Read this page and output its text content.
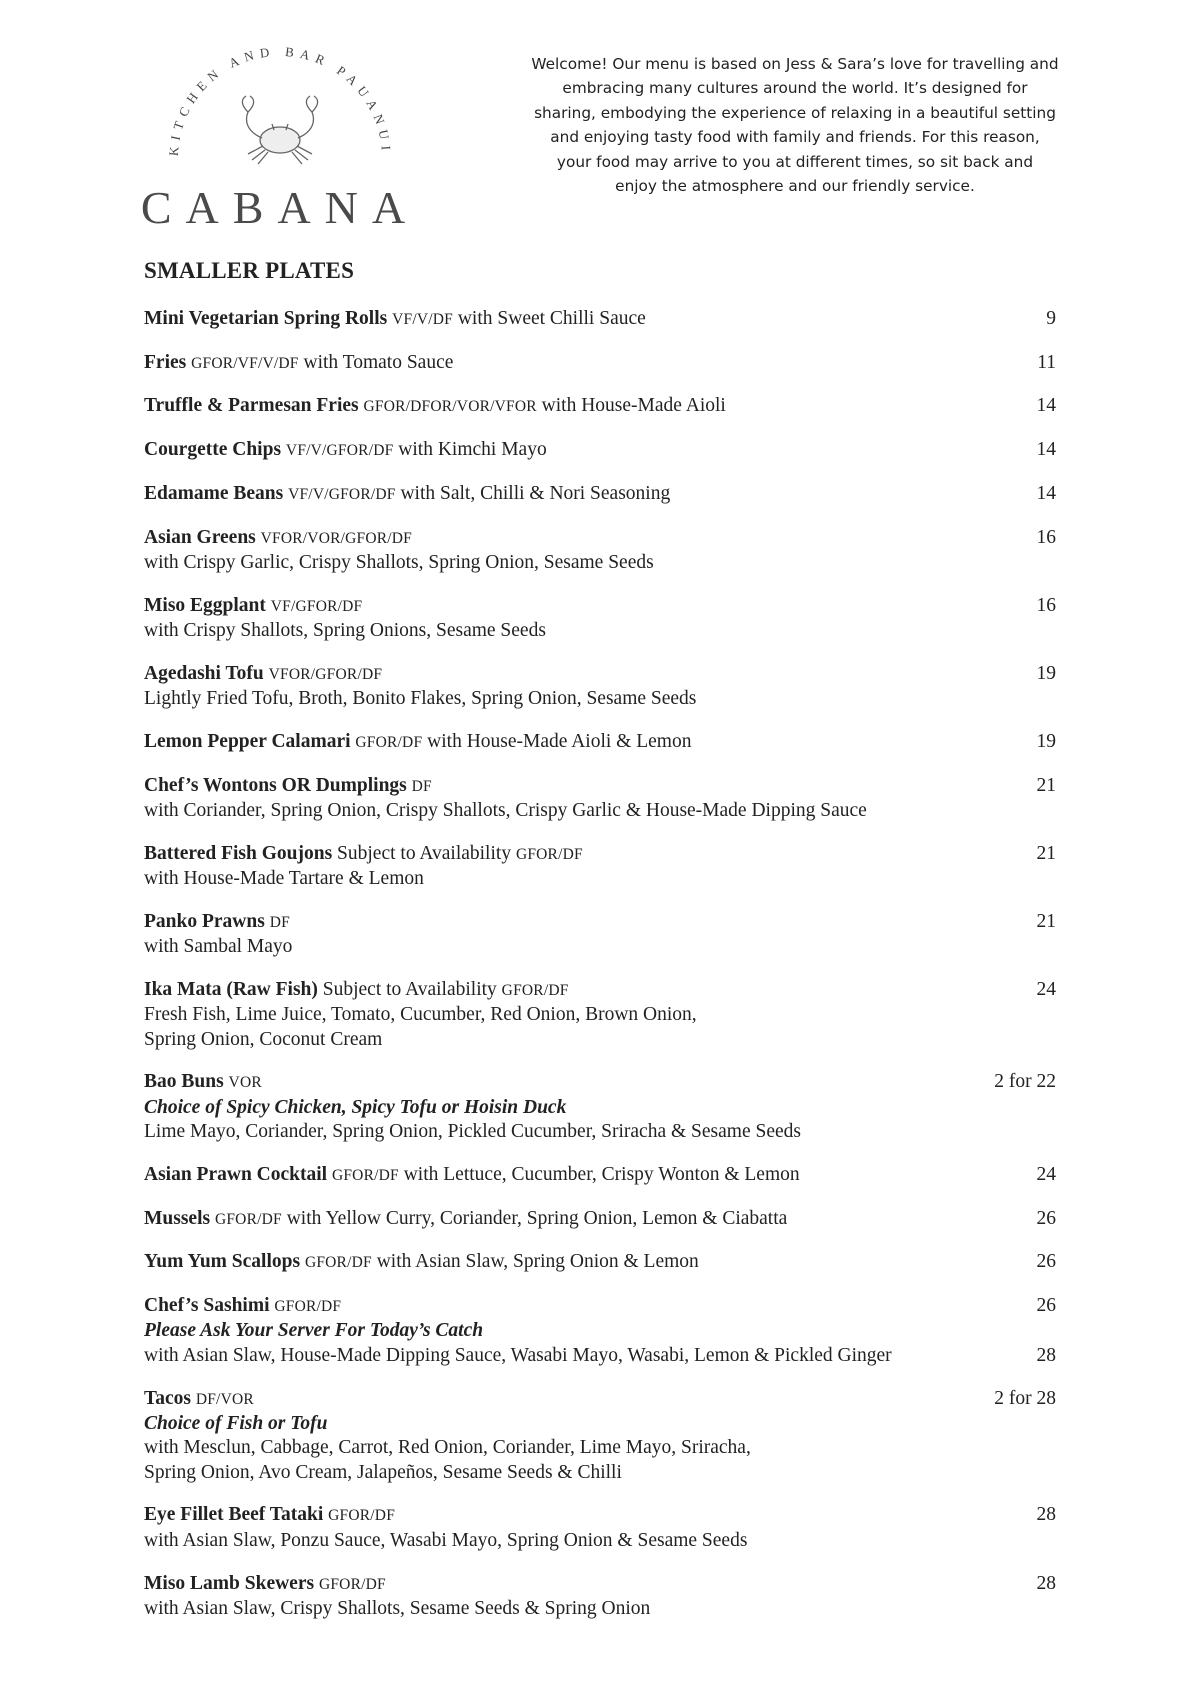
KITCHEN AND BAR PAUANUI
CABANA
Welcome! Our menu is based on Jess & Sara’s love for travelling and
embracing many cultures around the world. It’s designed for
sharing, embodying the experience of relaxing in a beautiful setting
and enjoying tasty food with family and friends. For this reason,
your food may arrive to you at different times, so sit back and
enjoy the atmosphere and our friendly service.
SMALLER PLATES
Mini Vegetarian Spring Rolls VF/V/DF with Sweet Chilli Sauce	9
Fries GFOR/VF/V/DF with Tomato Sauce	11
Truffle & Parmesan Fries GFOR/DFOR/VOR/VFOR with House-Made Aioli	14
Courgette Chips VF/V/GFOR/DF with Kimchi Mayo	14
Edamame Beans VF/V/GFOR/DF with Salt, Chilli & Nori Seasoning	14
Asian Greens VFOR/VOR/GFOR/DF	16
with Crispy Garlic, Crispy Shallots, Spring Onion, Sesame Seeds
Miso Eggplant VF/GFOR/DF	16
with Crispy Shallots, Spring Onions, Sesame Seeds
Agedashi Tofu VFOR/GFOR/DF	19
Lightly Fried Tofu, Broth, Bonito Flakes, Spring Onion, Sesame Seeds
Lemon Pepper Calamari GFOR/DF with House-Made Aioli & Lemon	19
Chef’s Wontons OR Dumplings DF	21
with Coriander, Spring Onion, Crispy Shallots, Crispy Garlic & House-Made Dipping Sauce
Battered Fish Goujons Subject to Availability GFOR/DF	21
with House-Made Tartare & Lemon
Panko Prawns DF	21
with Sambal Mayo
Ika Mata (Raw Fish) Subject to Availability GFOR/DF	24
Fresh Fish, Lime Juice, Tomato, Cucumber, Red Onion, Brown Onion,
Spring Onion, Coconut Cream
Bao Buns VOR	2 for 22
Choice of Spicy Chicken, Spicy Tofu or Hoisin Duck
Lime Mayo, Coriander, Spring Onion, Pickled Cucumber, Sriracha & Sesame Seeds
Asian Prawn Cocktail GFOR/DF with Lettuce, Cucumber, Crispy Wonton & Lemon	24
Mussels GFOR/DF with Yellow Curry, Coriander, Spring Onion, Lemon & Ciabatta	26
Yum Yum Scallops GFOR/DF with Asian Slaw, Spring Onion & Lemon	26
Chef’s Sashimi GFOR/DF	26
Please Ask Your Server For Today’s Catch
with Asian Slaw, House-Made Dipping Sauce, Wasabi Mayo, Wasabi, Lemon & Pickled Ginger	28
Tacos DF/VOR	2 for 28
Choice of Fish or Tofu
with Mesclun, Cabbage, Carrot, Red Onion, Coriander, Lime Mayo, Sriracha,
Spring Onion, Avo Cream, Jalapeños, Sesame Seeds & Chilli
Eye Fillet Beef Tataki GFOR/DF	28
with Asian Slaw, Ponzu Sauce, Wasabi Mayo, Spring Onion & Sesame Seeds
Miso Lamb Skewers GFOR/DF	28
with Asian Slaw, Crispy Shallots, Sesame Seeds & Spring Onion
